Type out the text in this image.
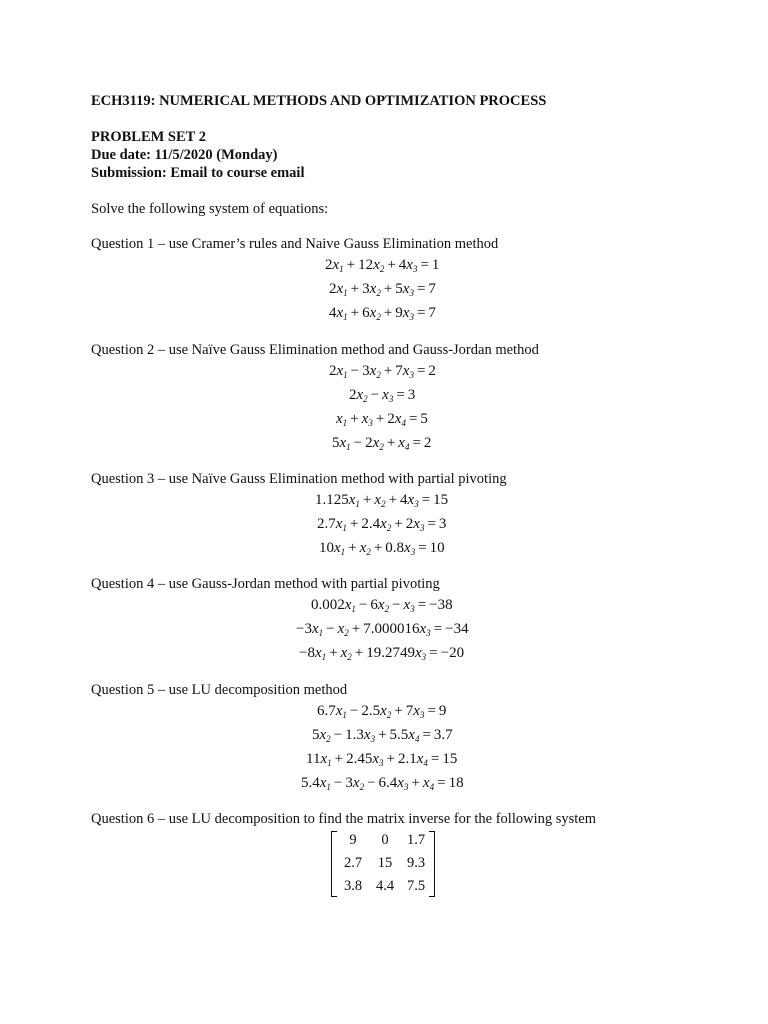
ECH3119: NUMERICAL METHODS AND OPTIMIZATION PROCESS
PROBLEM SET 2
Due date: 11/5/2020 (Monday)
Submission: Email to course email
Solve the following system of equations:
Question 1 – use Cramer’s rules and Naive Gauss Elimination method
Question 2 – use Naïve Gauss Elimination method and Gauss-Jordan method
Question 3 – use Naïve Gauss Elimination method with partial pivoting
Question 4 – use Gauss-Jordan method with partial pivoting
Question 5 – use LU decomposition method
Question 6 – use LU decomposition to find the matrix inverse for the following system
$2x_1 + 12x_2 + 4x_3 = 1$
$2x_1 + 3x_2 + 5x_3 = 7$
$4x_1 + 6x_2 + 9x_3 = 7$
$2x_1 - 3x_2 + 7x_3 = 2$
$2x_2 - x_3 = 3$
$x_1 + x_3 + 2x_4 = 5$
$5x_1 - 2x_2 + x_4 = 2$
$1.125x_1 + x_2 + 4x_3 = 15$
$2.7x_1 + 2.4x_2 + 2x_3 = 3$
$10x_1 + x_2 + 0.8x_3 = 10$
$0.002x_1 - 6x_2 - x_3 = -38$
$-3x_1 - x_2 + 7.000016x_3 = -34$
$-8x_1 + x_2 + 19.2749x_3 = -20$
$6.7x_1 - 2.5x_2 + 7x_3 = 9$
$5x_2 - 1.3x_3 + 5.5x_4 = 3.7$
$11x_1 + 2.45x_3 + 2.1x_4 = 15$
$5.4x_1 - 3x_2 - 6.4x_3 + x_4 = 18$
9	0	1.7
2.7	15	9.3
3.8	4.4	7.5
